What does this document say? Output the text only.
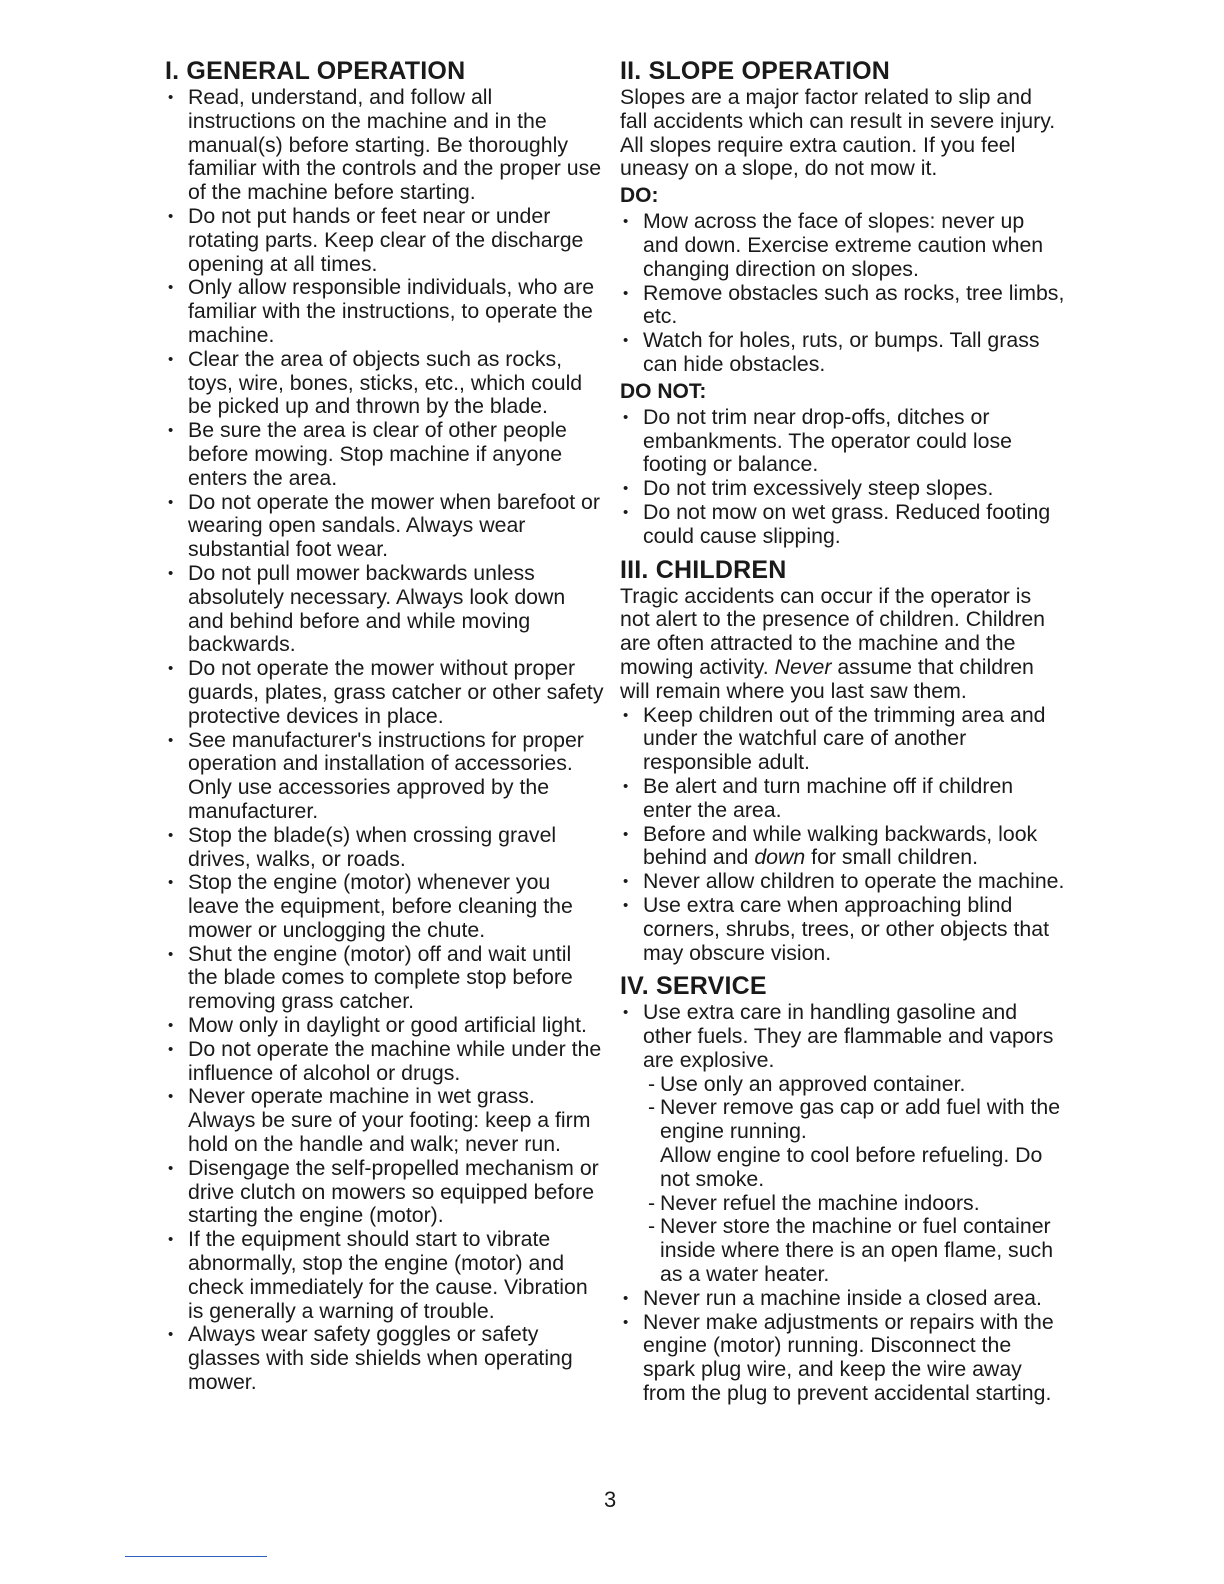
I. GENERAL OPERATION
• Read, understand, and follow all instructions on the machine and in the manual(s) before starting. Be thoroughly familiar with the controls and the proper use of the machine before starting.
• Do not put hands or feet near or under rotating parts. Keep clear of the discharge opening at all times.
• Only allow responsible individuals, who are familiar with the instructions, to operate the machine.
• Clear the area of objects such as rocks, toys, wire, bones, sticks, etc., which could be picked up and thrown by the blade.
• Be sure the area is clear of other people before mowing. Stop machine if anyone enters the area.
• Do not operate the mower when barefoot or wearing open sandals. Always wear substantial foot wear.
• Do not pull mower backwards unless absolutely necessary. Always look down and behind before and while moving backwards.
• Do not operate the mower without proper guards, plates, grass catcher or other safety protective devices in place.
• See manufacturer's instructions for proper operation and installation of accessories. Only use accessories approved by the manufacturer.
• Stop the blade(s) when crossing gravel drives, walks, or roads.
• Stop the engine (motor) whenever you leave the equipment, before cleaning the mower or unclogging the chute.
• Shut the engine (motor) off and wait until the blade comes to complete stop before removing grass catcher.
• Mow only in daylight or good artificial light.
• Do not operate the machine while under the influence of alcohol or drugs.
• Never operate machine in wet grass. Always be sure of your footing: keep a firm hold on the handle and walk; never run.
• Disengage the self-propelled mechanism or drive clutch on mowers so equipped before starting the engine (motor).
• If the equipment should start to vibrate abnormally, stop the engine (motor) and check immediately for the cause. Vibration is generally a warning of trouble.
• Always wear safety goggles or safety glasses with side shields when operating mower.
II. SLOPE OPERATION

Slopes are a major factor related to slip and fall accidents which can result in severe injury. All slopes require extra caution. If you feel uneasy on a slope, do not mow it.

DO:
• Mow across the face of slopes: never up and down. Exercise extreme caution when changing direction on slopes.
• Remove obstacles such as rocks, tree limbs, etc.
• Watch for holes, ruts, or bumps. Tall grass can hide obstacles.
DO NOT:
• Do not trim near drop-offs, ditches or embankments. The operator could lose footing or balance.
• Do not trim excessively steep slopes.
• Do not mow on wet grass. Reduced footing could cause slipping.
III. CHILDREN

Tragic accidents can occur if the operator is not alert to the presence of children. Children are often attracted to the machine and the mowing activity. Never assume that children will remain where you last saw them.

• Keep children out of the trimming area and under the watchful care of another responsible adult.
• Be alert and turn machine off if children enter the area.
• Before and while walking backwards, look behind and down for small children.
• Never allow children to operate the machine.
• Use extra care when approaching blind corners, shrubs, trees, or other objects that may obscure vision.
IV. SERVICE
• Use extra care in handling gasoline and other fuels. They are flammable and vapors are explosive.
- Use only an approved container.
- Never remove gas cap or add fuel with the engine running.
Allow engine to cool before refueling. Do not smoke.
- Never refuel the machine indoors.
- Never store the machine or fuel container inside where there is an open flame, such as a water heater.
• Never run a machine inside a closed area.
• Never make adjustments or repairs with the engine (motor) running. Disconnect the spark plug wire, and keep the wire away from the plug to prevent accidental starting.
3
